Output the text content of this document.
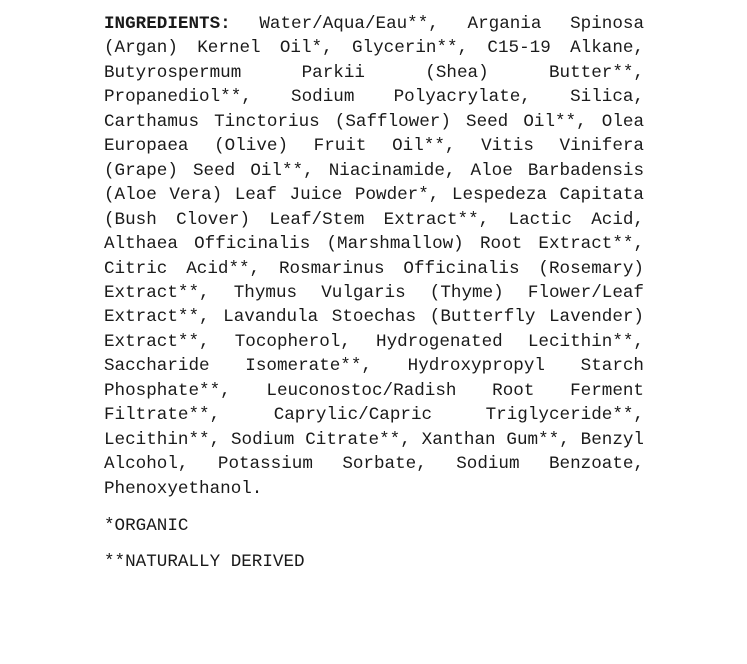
INGREDIENTS: Water/Aqua/Eau**, Argania Spinosa (Argan) Kernel Oil*, Glycerin**, C15-19 Alkane, Butyrospermum Parkii (Shea) Butter**, Propanediol**, Sodium Polyacrylate, Silica, Carthamus Tinctorius (Safflower) Seed Oil**, Olea Europaea (Olive) Fruit Oil**, Vitis Vinifera (Grape) Seed Oil**, Niacinamide, Aloe Barbadensis (Aloe Vera) Leaf Juice Powder*, Lespedeza Capitata (Bush Clover) Leaf/Stem Extract**, Lactic Acid, Althaea Officinalis (Marshmallow) Root Extract**, Citric Acid**, Rosmarinus Officinalis (Rosemary) Extract**, Thymus Vulgaris (Thyme) Flower/Leaf Extract**, Lavandula Stoechas (Butterfly Lavender) Extract**, Tocopherol, Hydrogenated Lecithin**, Saccharide Isomerate**, Hydroxypropyl Starch Phosphate**, Leuconostoc/Radish Root Ferment Filtrate**, Caprylic/Capric Triglyceride**, Lecithin**, Sodium Citrate**, Xanthan Gum**, Benzyl Alcohol, Potassium Sorbate, Sodium Benzoate, Phenoxyethanol.

*ORGANIC

**NATURALLY DERIVED
